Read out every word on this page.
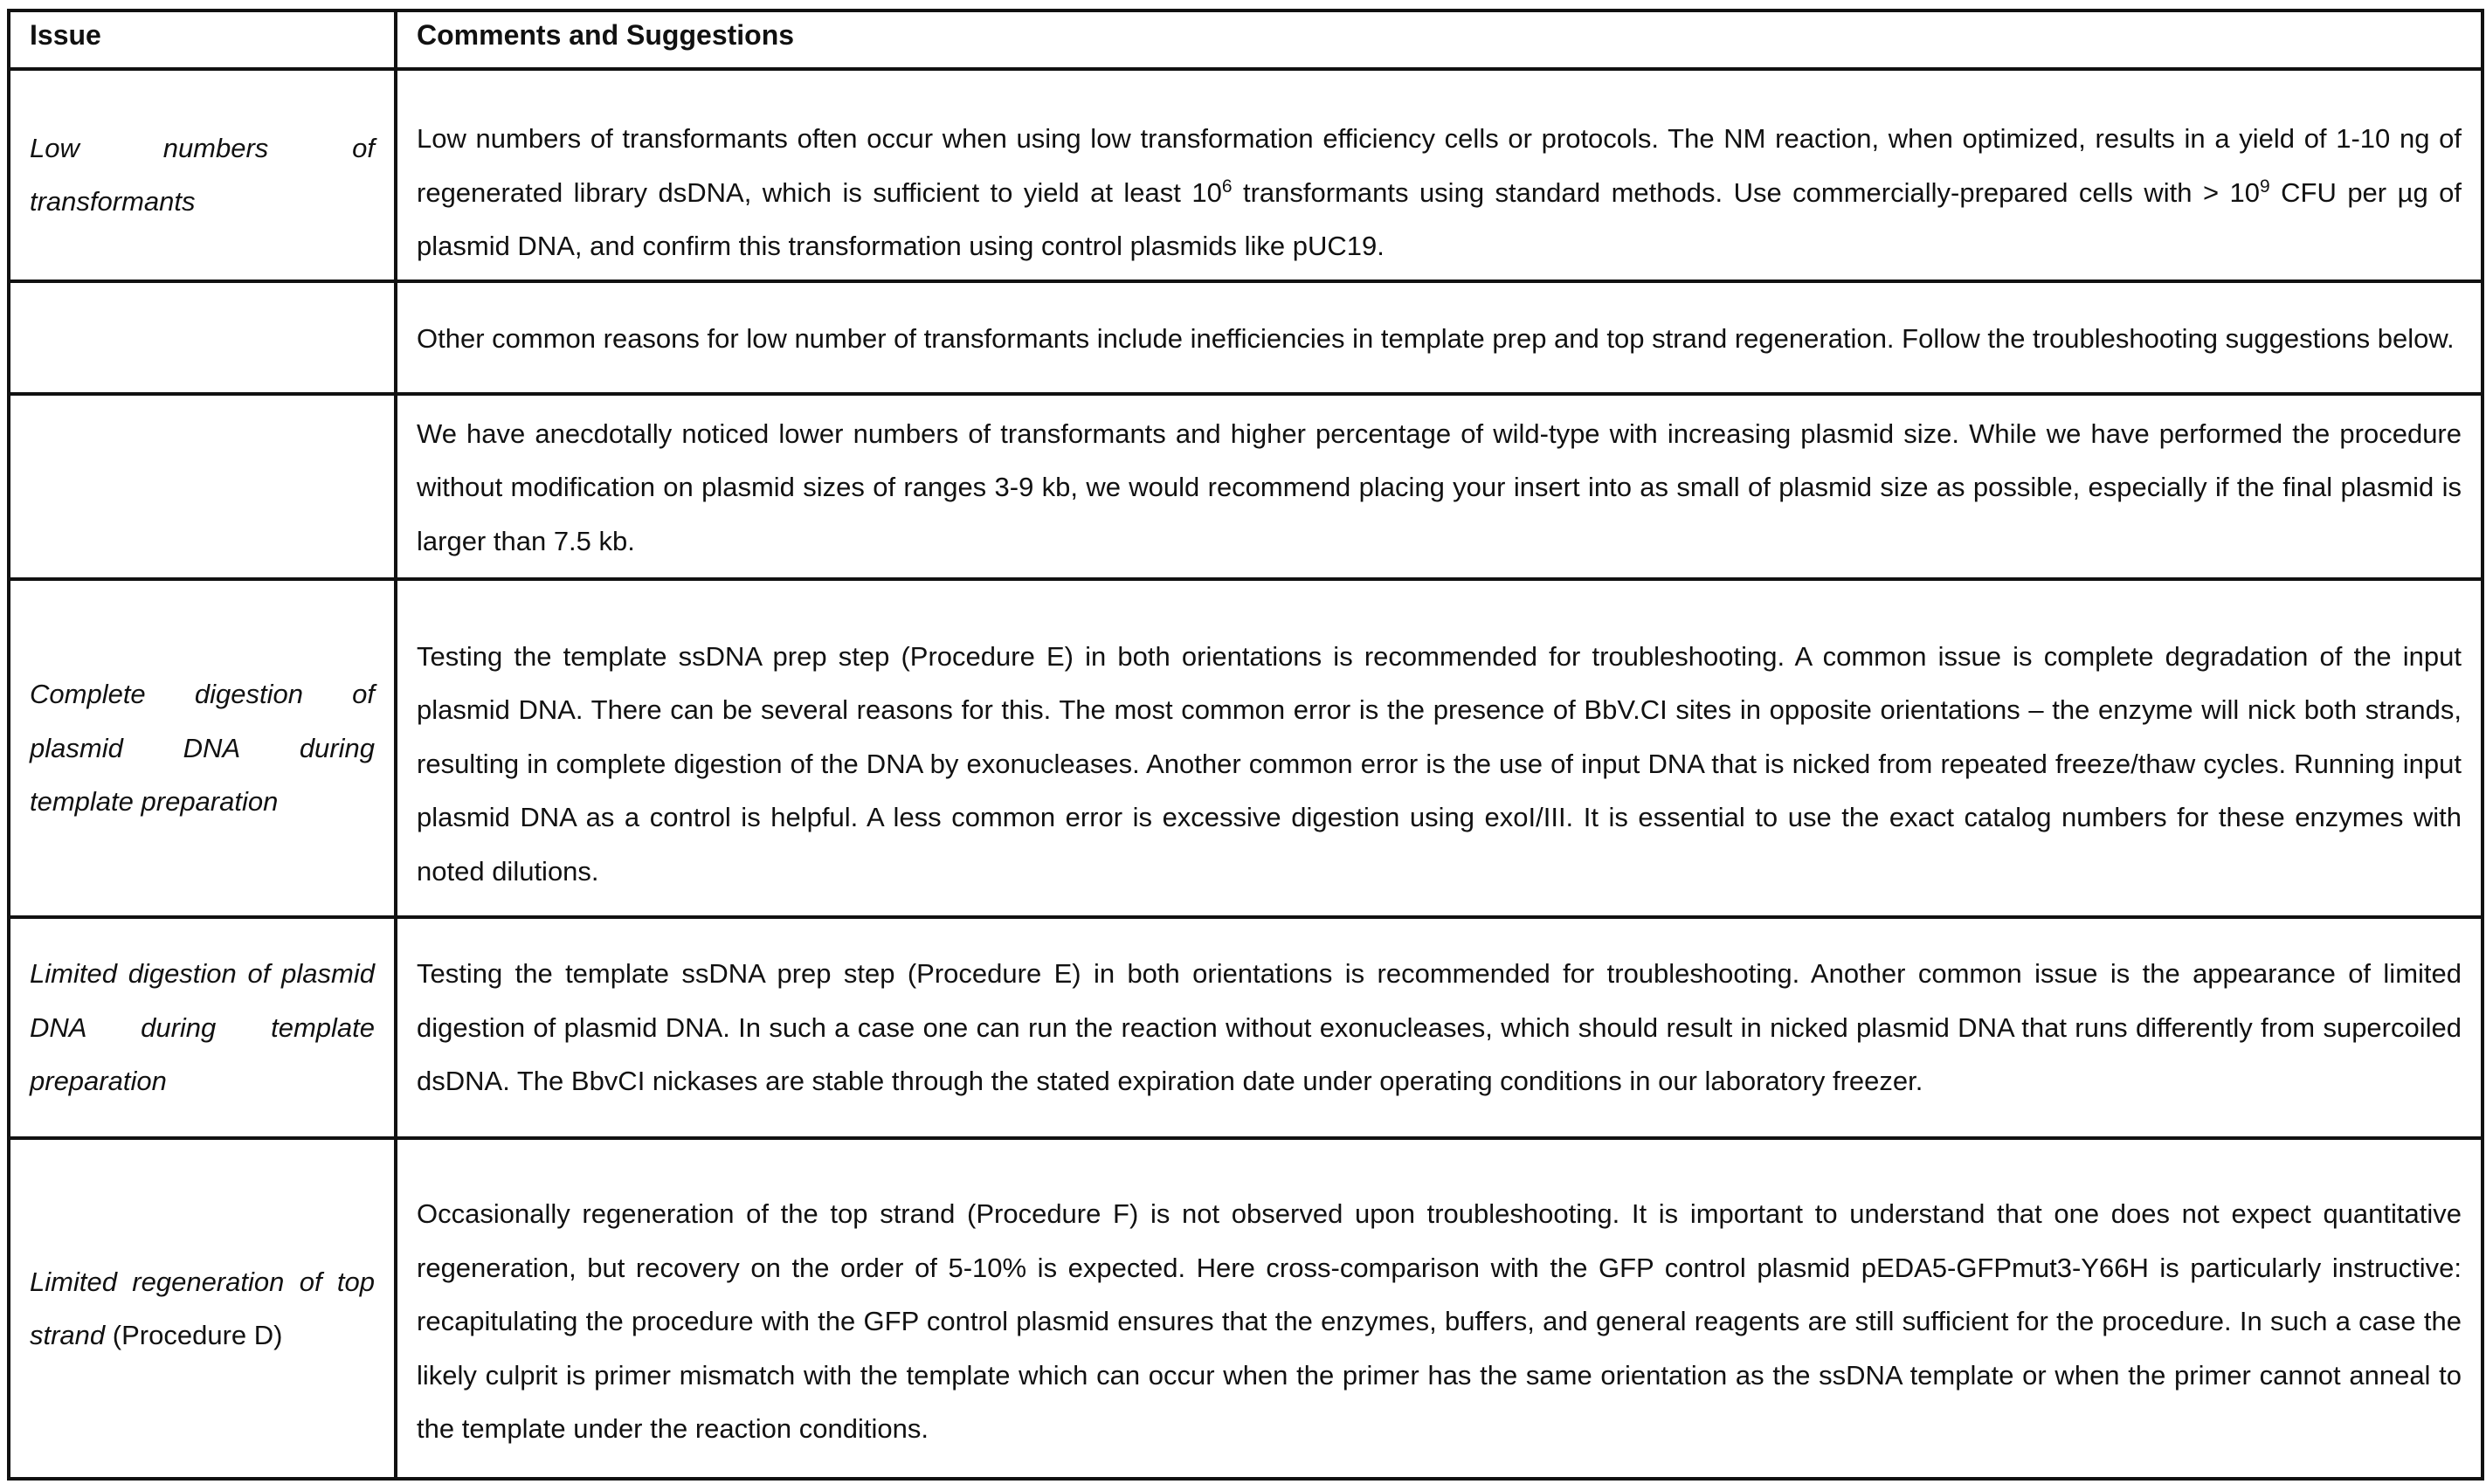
Issue	Comments and Suggestions

Low numbers of transformants	Low numbers of transformants often occur when using low transformation efficiency cells or protocols. The NM reaction, when optimized, results in a yield of 1-10 ng of regenerated library dsDNA, which is sufficient to yield at least $10^6$ transformants using standard methods. Use commercially-prepared cells with > $10^9$ CFU per µg of plasmid DNA, and confirm this transformation using control plasmids like pUC19.

	Other common reasons for low number of transformants include inefficiencies in template prep and top strand regeneration. Follow the troubleshooting suggestions below.

	We have anecdotally noticed lower numbers of transformants and higher percentage of wild-type with increasing plasmid size. While we have performed the procedure without modification on plasmid sizes of ranges 3-9 kb, we would recommend placing your insert into as small of plasmid size as possible, especially if the final plasmid is larger than 7.5 kb.

Complete digestion of plasmid DNA during template preparation	Testing the template ssDNA prep step (Procedure E) in both orientations is recommended for troubleshooting. A common issue is complete degradation of the input plasmid DNA. There can be several reasons for this. The most common error is the presence of BbV.CI sites in opposite orientations – the enzyme will nick both strands, resulting in complete digestion of the DNA by exonucleases. Another common error is the use of input DNA that is nicked from repeated freeze/thaw cycles. Running input plasmid DNA as a control is helpful. A less common error is excessive digestion using exoI/III. It is essential to use the exact catalog numbers for these enzymes with noted dilutions.

Limited digestion of plasmid DNA during template preparation	Testing the template ssDNA prep step (Procedure E) in both orientations is recommended for troubleshooting. Another common issue is the appearance of limited digestion of plasmid DNA. In such a case one can run the reaction without exonucleases, which should result in nicked plasmid DNA that runs differently from supercoiled dsDNA. The BbvCI nickases are stable through the stated expiration date under operating conditions in our laboratory freezer.

Limited regeneration of top strand (Procedure D)	Occasionally regeneration of the top strand (Procedure F) is not observed upon troubleshooting. It is important to understand that one does not expect quantitative regeneration, but recovery on the order of 5-10% is expected. Here cross-comparison with the GFP control plasmid pEDA5-GFPmut3-Y66H is particularly instructive: recapitulating the procedure with the GFP control plasmid ensures that the enzymes, buffers, and general reagents are still sufficient for the procedure. In such a case the likely culprit is primer mismatch with the template which can occur when the primer has the same orientation as the ssDNA template or when the primer cannot anneal to the template under the reaction conditions.
